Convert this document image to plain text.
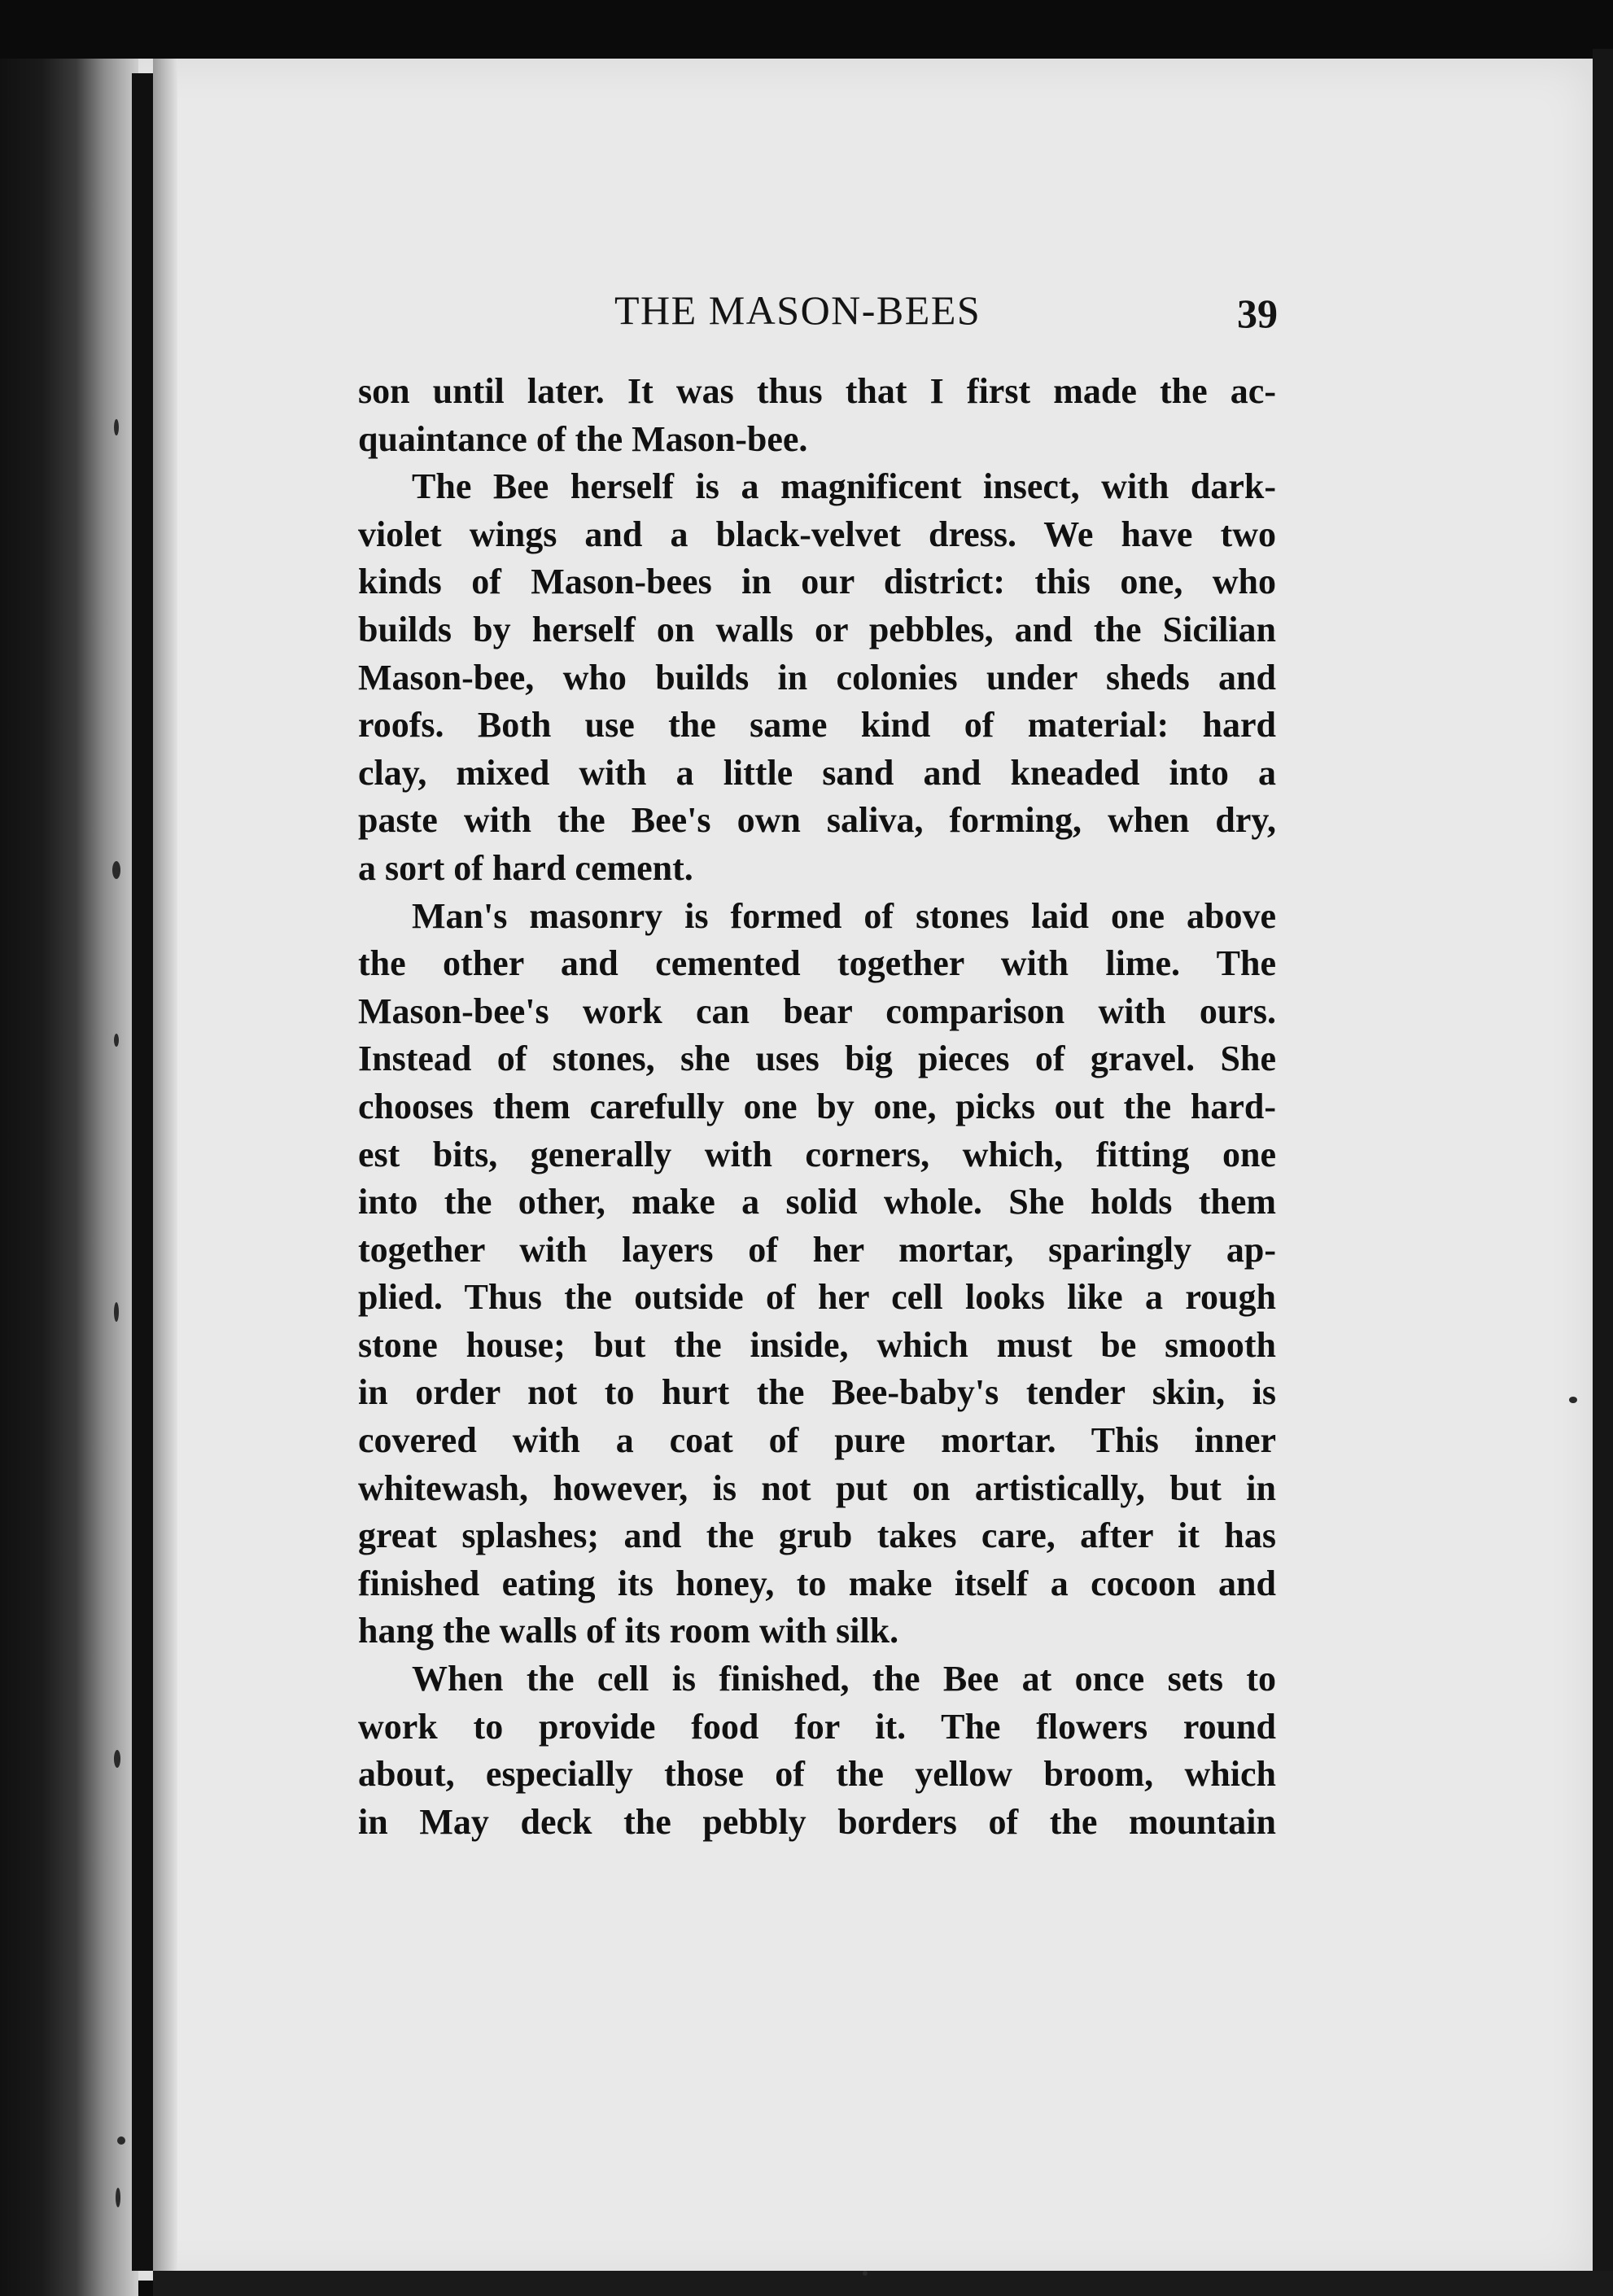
THE MASON-BEES	39
son until later. It was thus that I first made the ac-
quaintance of the Mason-bee.
The Bee herself is a magnificent insect, with dark-
violet wings and a black-velvet dress. We have two
kinds of Mason-bees in our district: this one, who
builds by herself on walls or pebbles, and the Sicilian
Mason-bee, who builds in colonies under sheds and
roofs. Both use the same kind of material: hard
clay, mixed with a little sand and kneaded into a
paste with the Bee's own saliva, forming, when dry,
a sort of hard cement.
Man's masonry is formed of stones laid one above
the other and cemented together with lime. The
Mason-bee's work can bear comparison with ours.
Instead of stones, she uses big pieces of gravel. She
chooses them carefully one by one, picks out the hard-
est bits, generally with corners, which, fitting one
into the other, make a solid whole. She holds them
together with layers of her mortar, sparingly ap-
plied. Thus the outside of her cell looks like a rough
stone house; but the inside, which must be smooth
in order not to hurt the Bee-baby's tender skin, is
covered with a coat of pure mortar. This inner
whitewash, however, is not put on artistically, but in
great splashes; and the grub takes care, after it has
finished eating its honey, to make itself a cocoon and
hang the walls of its room with silk.
When the cell is finished, the Bee at once sets to
work to provide food for it. The flowers round
about, especially those of the yellow broom, which
in May deck the pebbly borders of the mountain
